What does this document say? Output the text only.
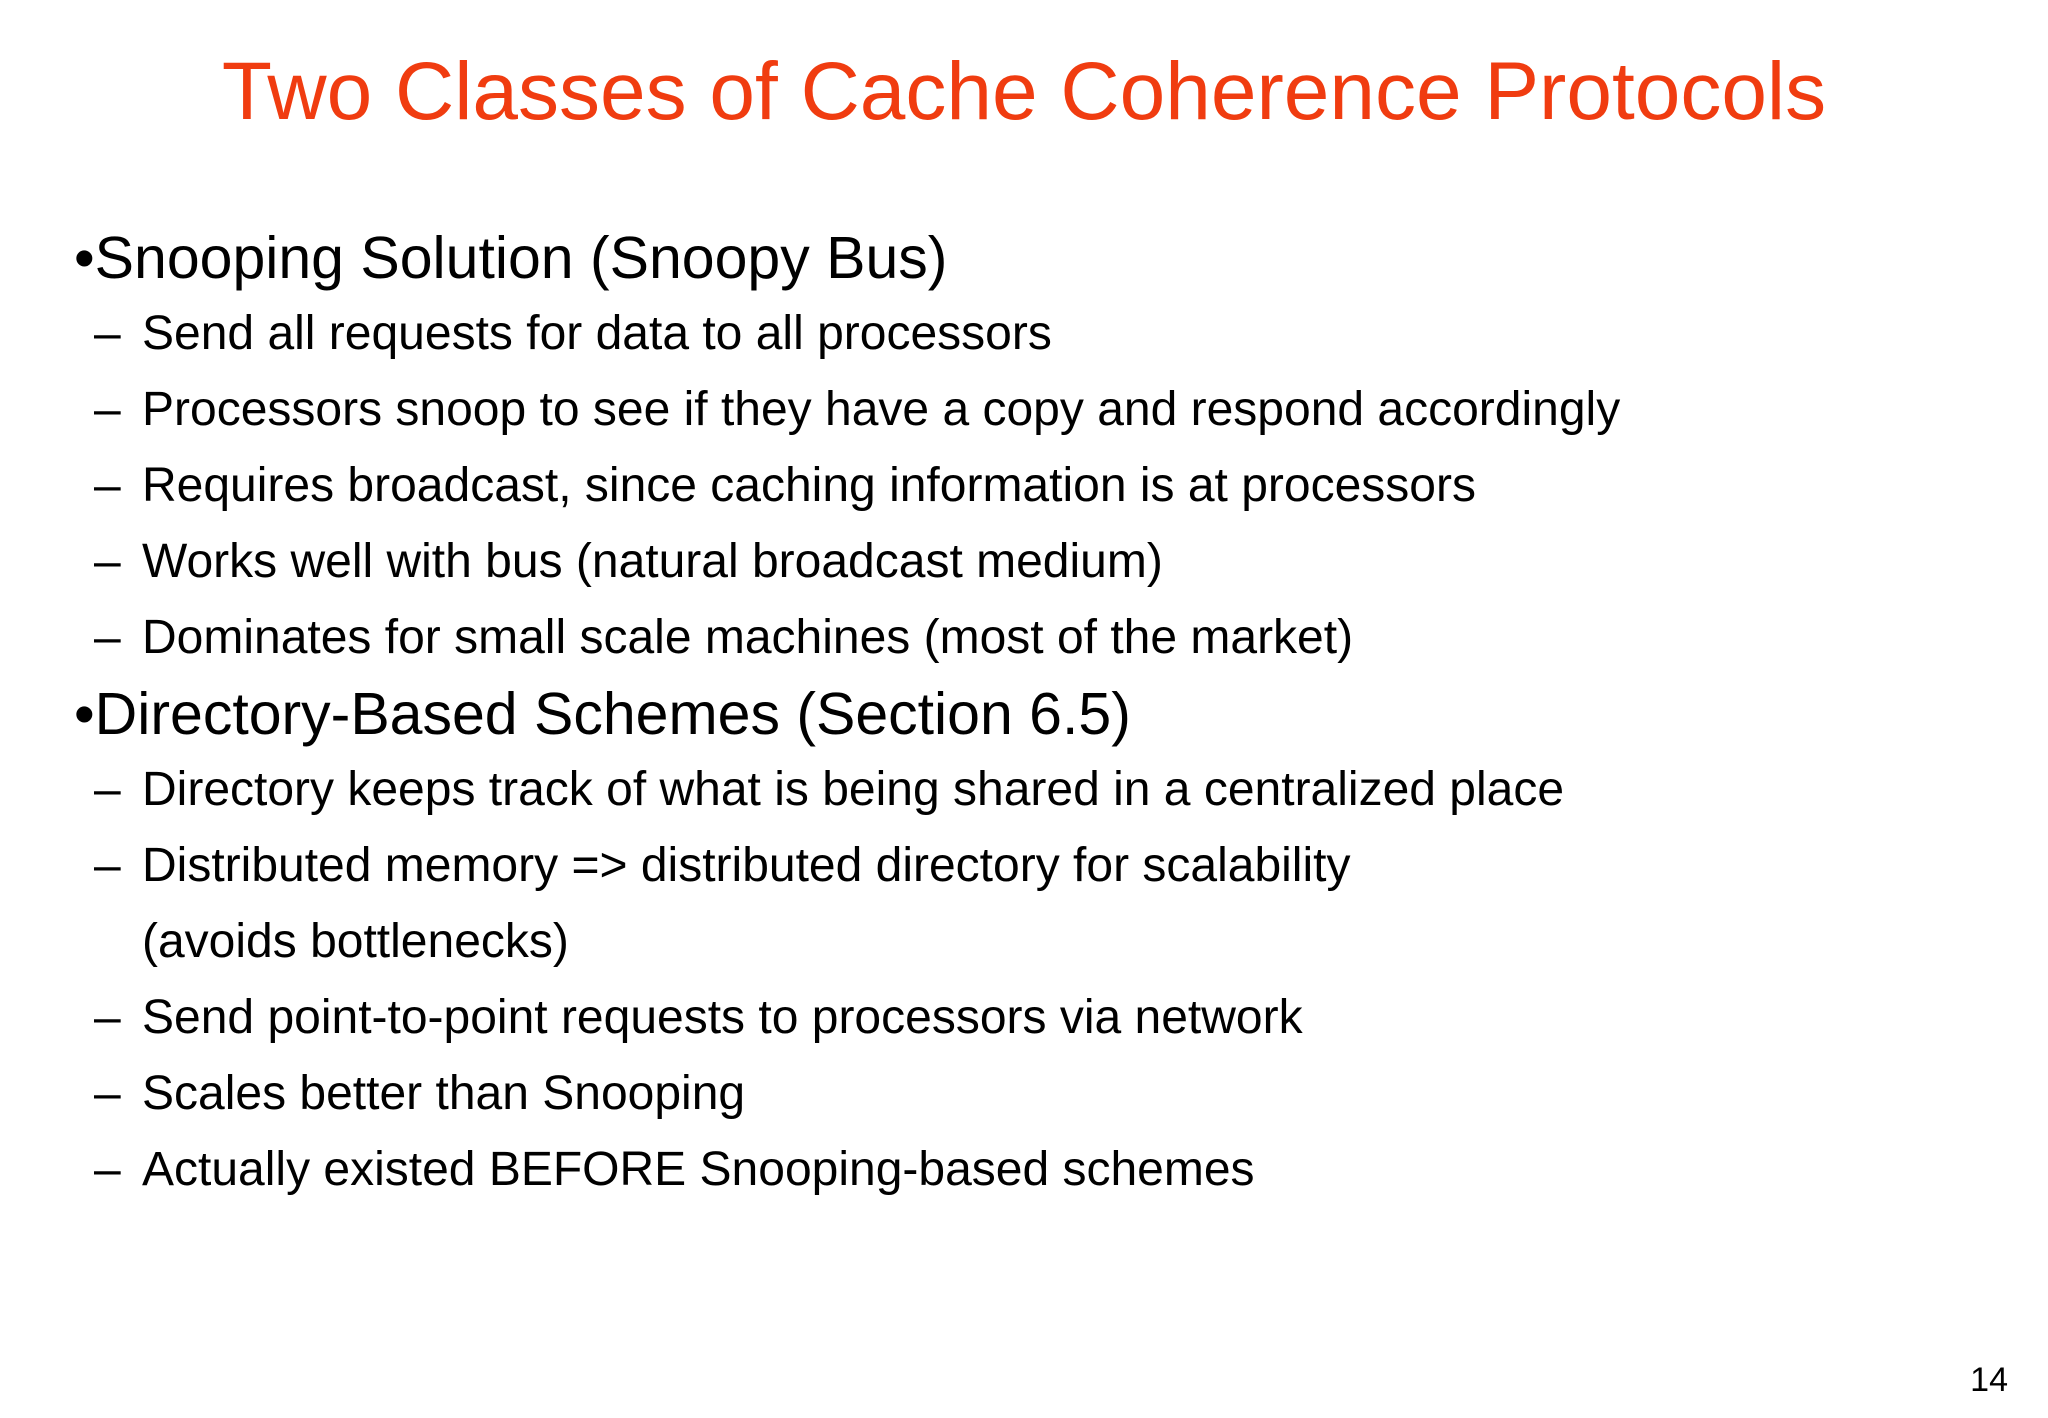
Two Classes of Cache Coherence Protocols
•Snooping Solution (Snoopy Bus)
– Send all requests for data to all processors
– Processors snoop to see if they have a copy and respond accordingly
– Requires broadcast, since caching information is at processors
– Works well with bus (natural broadcast medium)
– Dominates for small scale machines (most of the market)
•Directory-Based Schemes (Section 6.5)
– Directory keeps track of what is being shared in a centralized place
– Distributed memory => distributed directory for scalability
(avoids bottlenecks)
– Send point-to-point requests to processors via network
– Scales better than Snooping
– Actually existed BEFORE Snooping-based schemes
14
